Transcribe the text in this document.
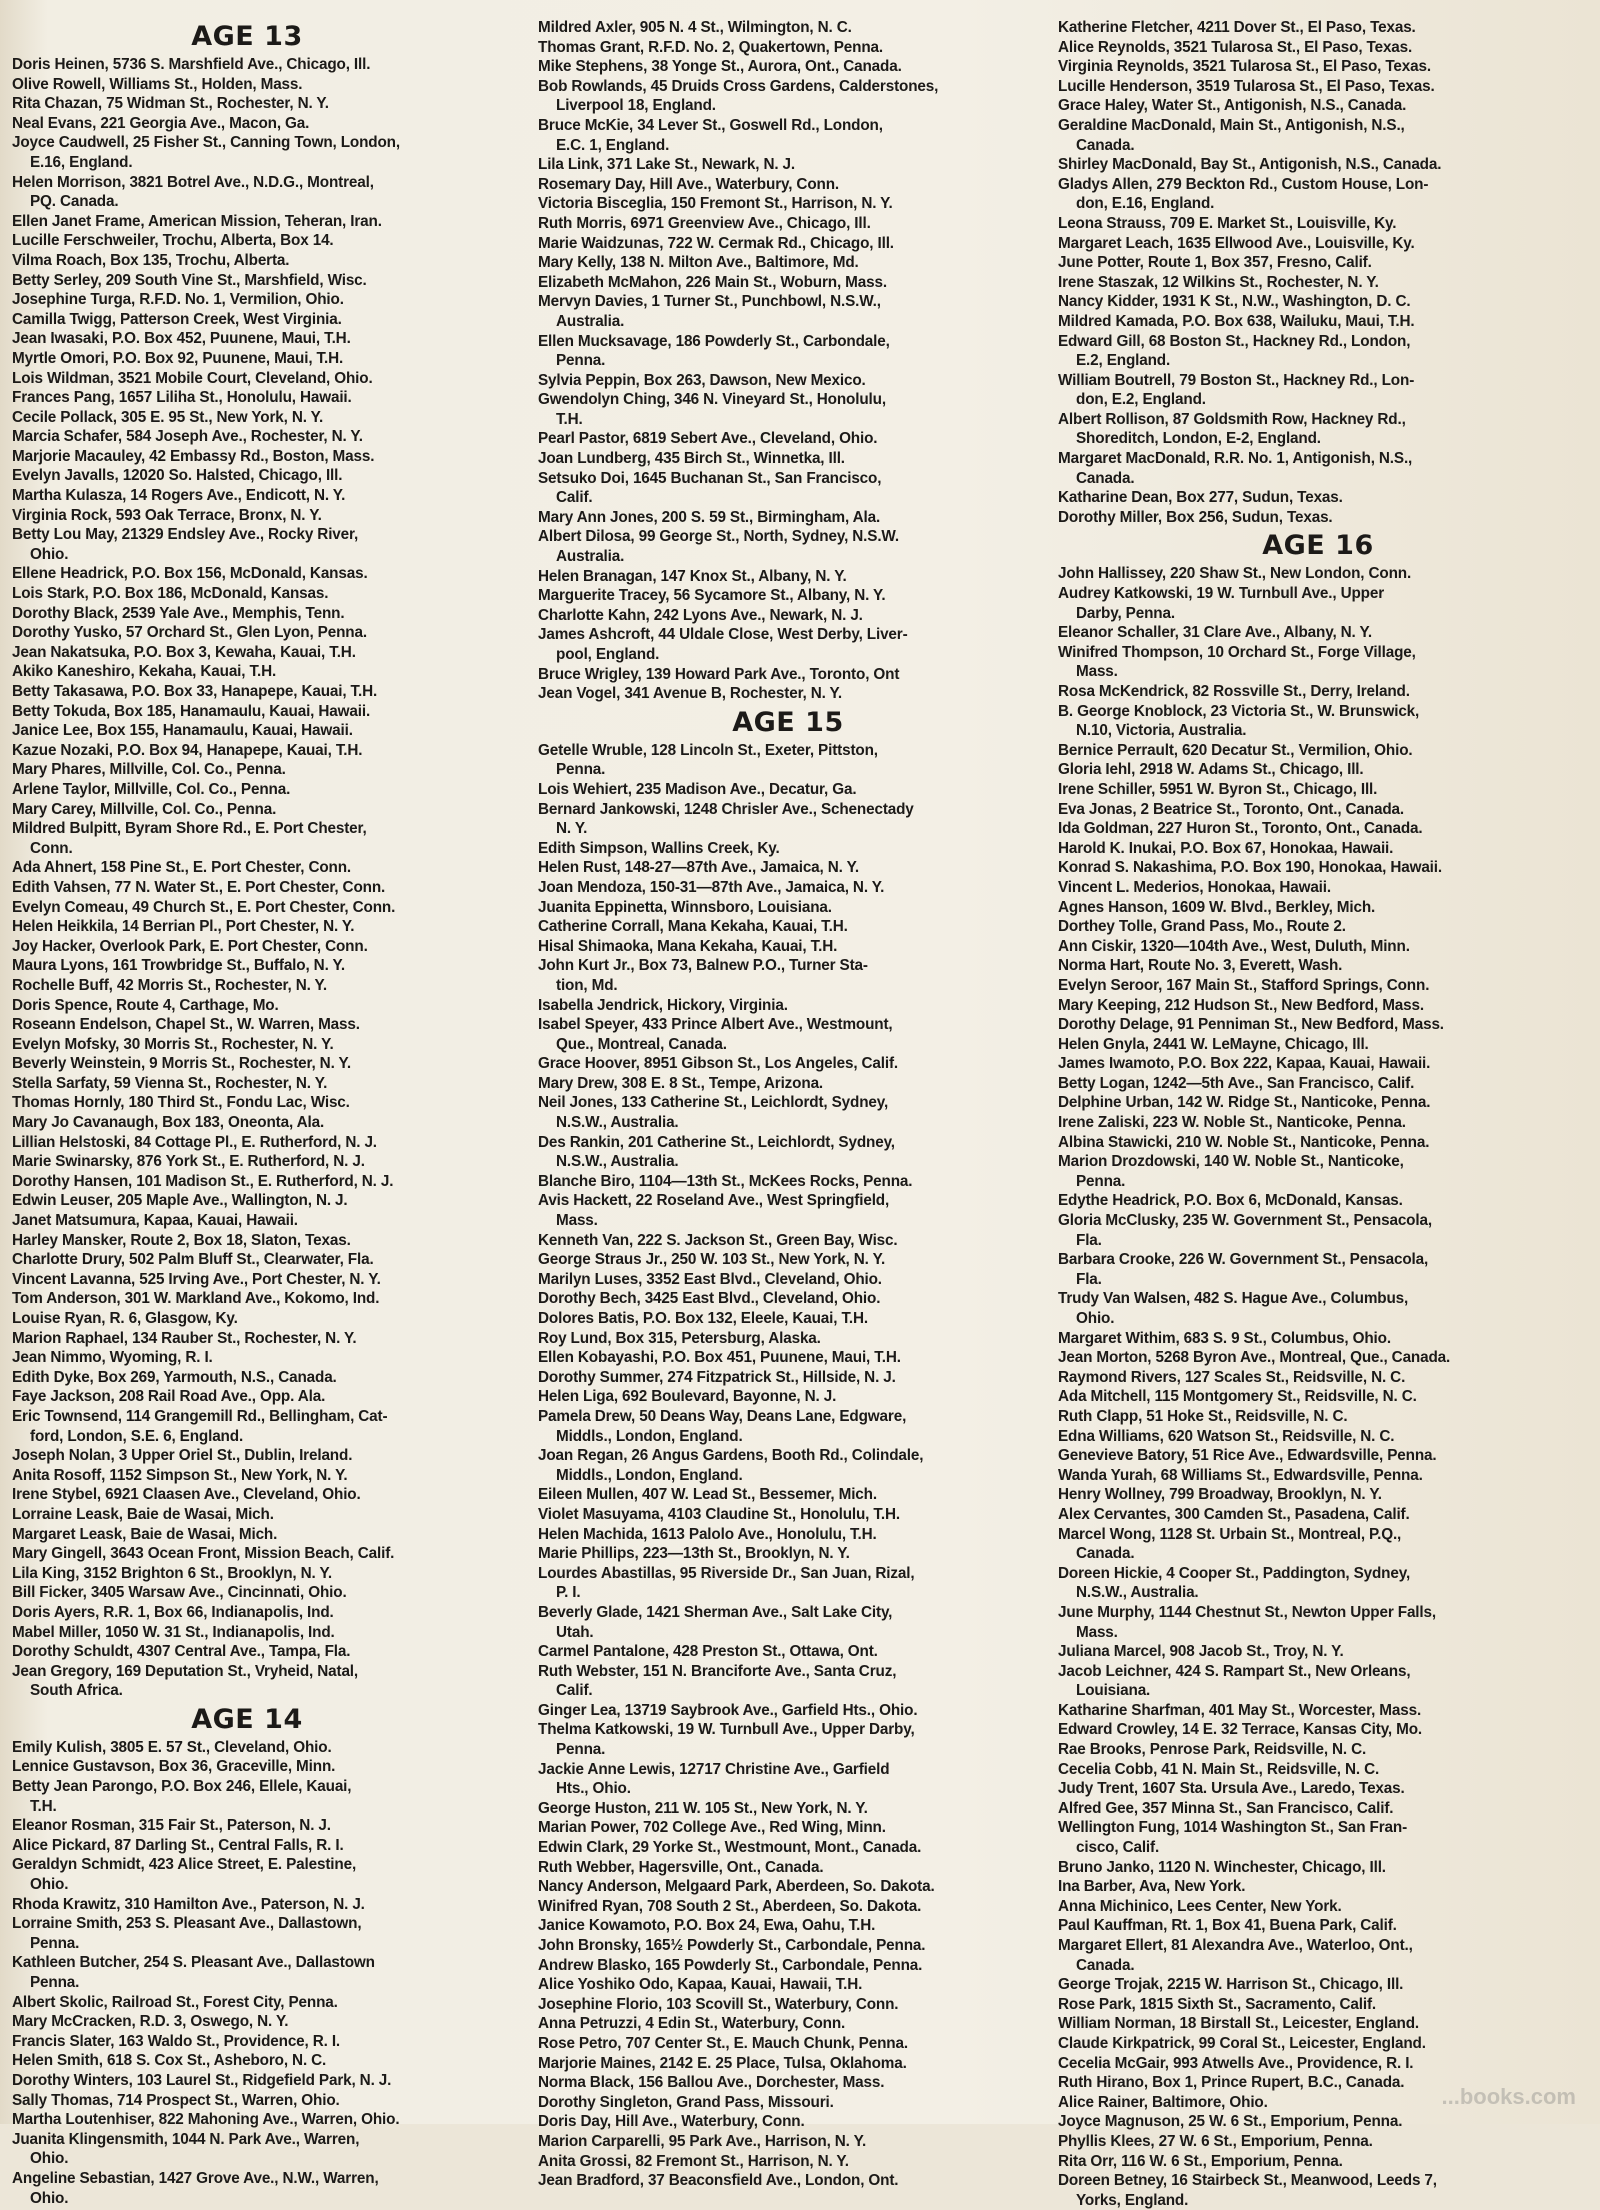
AGE 13
Doris Heinen, 5736 S. Marshfield Ave., Chicago, Ill.
Olive Rowell, Williams St., Holden, Mass.
Rita Chazan, 75 Widman St., Rochester, N. Y.
Neal Evans, 221 Georgia Ave., Macon, Ga.
Joyce Caudwell, 25 Fisher St., Canning Town, London,
E.16, England.
Helen Morrison, 3821 Botrel Ave., N.D.G., Montreal,
PQ. Canada.
Ellen Janet Frame, American Mission, Teheran, Iran.
Lucille Ferschweiler, Trochu, Alberta, Box 14.
Vilma Roach, Box 135, Trochu, Alberta.
Betty Serley, 209 South Vine St., Marshfield, Wisc.
Josephine Turga, R.F.D. No. 1, Vermilion, Ohio.
Camilla Twigg, Patterson Creek, West Virginia.
Jean Iwasaki, P.O. Box 452, Puunene, Maui, T.H.
Myrtle Omori, P.O. Box 92, Puunene, Maui, T.H.
Lois Wildman, 3521 Mobile Court, Cleveland, Ohio.
Frances Pang, 1657 Liliha St., Honolulu, Hawaii.
Cecile Pollack, 305 E. 95 St., New York, N. Y.
Marcia Schafer, 584 Joseph Ave., Rochester, N. Y.
Marjorie Macauley, 42 Embassy Rd., Boston, Mass.
Evelyn Javalls, 12020 So. Halsted, Chicago, Ill.
Martha Kulasza, 14 Rogers Ave., Endicott, N. Y.
Virginia Rock, 593 Oak Terrace, Bronx, N. Y.
Betty Lou May, 21329 Endsley Ave., Rocky River,
Ohio.
Ellene Headrick, P.O. Box 156, McDonald, Kansas.
Lois Stark, P.O. Box 186, McDonald, Kansas.
Dorothy Black, 2539 Yale Ave., Memphis, Tenn.
Dorothy Yusko, 57 Orchard St., Glen Lyon, Penna.
Jean Nakatsuka, P.O. Box 3, Kewaha, Kauai, T.H.
Akiko Kaneshiro, Kekaha, Kauai, T.H.
Betty Takasawa, P.O. Box 33, Hanapepe, Kauai, T.H.
Betty Tokuda, Box 185, Hanamaulu, Kauai, Hawaii.
Janice Lee, Box 155, Hanamaulu, Kauai, Hawaii.
Kazue Nozaki, P.O. Box 94, Hanapepe, Kauai, T.H.
Mary Phares, Millville, Col. Co., Penna.
Arlene Taylor, Millville, Col. Co., Penna.
Mary Carey, Millville, Col. Co., Penna.
Mildred Bulpitt, Byram Shore Rd., E. Port Chester,
Conn.
Ada Ahnert, 158 Pine St., E. Port Chester, Conn.
Edith Vahsen, 77 N. Water St., E. Port Chester, Conn.
Evelyn Comeau, 49 Church St., E. Port Chester, Conn.
Helen Heikkila, 14 Berrian Pl., Port Chester, N. Y.
Joy Hacker, Overlook Park, E. Port Chester, Conn.
Maura Lyons, 161 Trowbridge St., Buffalo, N. Y.
Rochelle Buff, 42 Morris St., Rochester, N. Y.
Doris Spence, Route 4, Carthage, Mo.
Roseann Endelson, Chapel St., W. Warren, Mass.
Evelyn Mofsky, 30 Morris St., Rochester, N. Y.
Beverly Weinstein, 9 Morris St., Rochester, N. Y.
Stella Sarfaty, 59 Vienna St., Rochester, N. Y.
Thomas Hornly, 180 Third St., Fondu Lac, Wisc.
Mary Jo Cavanaugh, Box 183, Oneonta, Ala.
Lillian Helstoski, 84 Cottage Pl., E. Rutherford, N. J.
Marie Swinarsky, 876 York St., E. Rutherford, N. J.
Dorothy Hansen, 101 Madison St., E. Rutherford, N. J.
Edwin Leuser, 205 Maple Ave., Wallington, N. J.
Janet Matsumura, Kapaa, Kauai, Hawaii.
Harley Mansker, Route 2, Box 18, Slaton, Texas.
Charlotte Drury, 502 Palm Bluff St., Clearwater, Fla.
Vincent Lavanna, 525 Irving Ave., Port Chester, N. Y.
Tom Anderson, 301 W. Markland Ave., Kokomo, Ind.
Louise Ryan, R. 6, Glasgow, Ky.
Marion Raphael, 134 Rauber St., Rochester, N. Y.
Jean Nimmo, Wyoming, R. I.
Edith Dyke, Box 269, Yarmouth, N.S., Canada.
Faye Jackson, 208 Rail Road Ave., Opp. Ala.
Eric Townsend, 114 Grangemill Rd., Bellingham, Cat-
ford, London, S.E. 6, England.
Joseph Nolan, 3 Upper Oriel St., Dublin, Ireland.
Anita Rosoff, 1152 Simpson St., New York, N. Y.
Irene Stybel, 6921 Claasen Ave., Cleveland, Ohio.
Lorraine Leask, Baie de Wasai, Mich.
Margaret Leask, Baie de Wasai, Mich.
Mary Gingell, 3643 Ocean Front, Mission Beach, Calif.
Lila King, 3152 Brighton 6 St., Brooklyn, N. Y.
Bill Ficker, 3405 Warsaw Ave., Cincinnati, Ohio.
Doris Ayers, R.R. 1, Box 66, Indianapolis, Ind.
Mabel Miller, 1050 W. 31 St., Indianapolis, Ind.
Dorothy Schuldt, 4307 Central Ave., Tampa, Fla.
Jean Gregory, 169 Deputation St., Vryheid, Natal,
South Africa.
AGE 14
Emily Kulish, 3805 E. 57 St., Cleveland, Ohio.
Lennice Gustavson, Box 36, Graceville, Minn.
Betty Jean Parongo, P.O. Box 246, Ellele, Kauai,
T.H.
Eleanor Rosman, 315 Fair St., Paterson, N. J.
Alice Pickard, 87 Darling St., Central Falls, R. I.
Geraldyn Schmidt, 423 Alice Street, E. Palestine,
Ohio.
Rhoda Krawitz, 310 Hamilton Ave., Paterson, N. J.
Lorraine Smith, 253 S. Pleasant Ave., Dallastown,
Penna.
Kathleen Butcher, 254 S. Pleasant Ave., Dallastown
Penna.
Albert Skolic, Railroad St., Forest City, Penna.
Mary McCracken, R.D. 3, Oswego, N. Y.
Francis Slater, 163 Waldo St., Providence, R. I.
Helen Smith, 618 S. Cox St., Asheboro, N. C.
Dorothy Winters, 103 Laurel St., Ridgefield Park, N. J.
Sally Thomas, 714 Prospect St., Warren, Ohio.
Martha Loutenhiser, 822 Mahoning Ave., Warren, Ohio.
Juanita Klingensmith, 1044 N. Park Ave., Warren,
Ohio.
Angeline Sebastian, 1427 Grove Ave., N.W., Warren,
Ohio.
Mildred Axler, 905 N. 4 St., Wilmington, N. C.
Thomas Grant, R.F.D. No. 2, Quakertown, Penna.
Mike Stephens, 38 Yonge St., Aurora, Ont., Canada.
Bob Rowlands, 45 Druids Cross Gardens, Calderstones,
Liverpool 18, England.
Bruce McKie, 34 Lever St., Goswell Rd., London,
E.C. 1, England.
Lila Link, 371 Lake St., Newark, N. J.
Rosemary Day, Hill Ave., Waterbury, Conn.
Victoria Bisceglia, 150 Fremont St., Harrison, N. Y.
Ruth Morris, 6971 Greenview Ave., Chicago, Ill.
Marie Waidzunas, 722 W. Cermak Rd., Chicago, Ill.
Mary Kelly, 138 N. Milton Ave., Baltimore, Md.
Elizabeth McMahon, 226 Main St., Woburn, Mass.
Mervyn Davies, 1 Turner St., Punchbowl, N.S.W.,
Australia.
Ellen Mucksavage, 186 Powderly St., Carbondale,
Penna.
Sylvia Peppin, Box 263, Dawson, New Mexico.
Gwendolyn Ching, 346 N. Vineyard St., Honolulu,
T.H.
Pearl Pastor, 6819 Sebert Ave., Cleveland, Ohio.
Joan Lundberg, 435 Birch St., Winnetka, Ill.
Setsuko Doi, 1645 Buchanan St., San Francisco,
Calif.
Mary Ann Jones, 200 S. 59 St., Birmingham, Ala.
Albert Dilosa, 99 George St., North, Sydney, N.S.W.
Australia.
Helen Branagan, 147 Knox St., Albany, N. Y.
Marguerite Tracey, 56 Sycamore St., Albany, N. Y.
Charlotte Kahn, 242 Lyons Ave., Newark, N. J.
James Ashcroft, 44 Uldale Close, West Derby, Liver-
pool, England.
Bruce Wrigley, 139 Howard Park Ave., Toronto, Ont
Jean Vogel, 341 Avenue B, Rochester, N. Y.
AGE 15
Getelle Wruble, 128 Lincoln St., Exeter, Pittston,
Penna.
Lois Wehiert, 235 Madison Ave., Decatur, Ga.
Bernard Jankowski, 1248 Chrisler Ave., Schenectady
N. Y.
Edith Simpson, Wallins Creek, Ky.
Helen Rust, 148-27—87th Ave., Jamaica, N. Y.
Joan Mendoza, 150-31—87th Ave., Jamaica, N. Y.
Juanita Eppinetta, Winnsboro, Louisiana.
Catherine Corrall, Mana Kekaha, Kauai, T.H.
Hisal Shimaoka, Mana Kekaha, Kauai, T.H.
John Kurt Jr., Box 73, Balnew P.O., Turner Sta-
tion, Md.
Isabella Jendrick, Hickory, Virginia.
Isabel Speyer, 433 Prince Albert Ave., Westmount,
Que., Montreal, Canada.
Grace Hoover, 8951 Gibson St., Los Angeles, Calif.
Mary Drew, 308 E. 8 St., Tempe, Arizona.
Neil Jones, 133 Catherine St., Leichlordt, Sydney,
N.S.W., Australia.
Des Rankin, 201 Catherine St., Leichlordt, Sydney,
N.S.W., Australia.
Blanche Biro, 1104—13th St., McKees Rocks, Penna.
Avis Hackett, 22 Roseland Ave., West Springfield,
Mass.
Kenneth Van, 222 S. Jackson St., Green Bay, Wisc.
George Straus Jr., 250 W. 103 St., New York, N. Y.
Marilyn Luses, 3352 East Blvd., Cleveland, Ohio.
Dorothy Bech, 3425 East Blvd., Cleveland, Ohio.
Dolores Batis, P.O. Box 132, Eleele, Kauai, T.H.
Roy Lund, Box 315, Petersburg, Alaska.
Ellen Kobayashi, P.O. Box 451, Puunene, Maui, T.H.
Dorothy Summer, 274 Fitzpatrick St., Hillside, N. J.
Helen Liga, 692 Boulevard, Bayonne, N. J.
Pamela Drew, 50 Deans Way, Deans Lane, Edgware,
Middls., London, England.
Joan Regan, 26 Angus Gardens, Booth Rd., Colindale,
Middls., London, England.
Eileen Mullen, 407 W. Lead St., Bessemer, Mich.
Violet Masuyama, 4103 Claudine St., Honolulu, T.H.
Helen Machida, 1613 Palolo Ave., Honolulu, T.H.
Marie Phillips, 223—13th St., Brooklyn, N. Y.
Lourdes Abastillas, 95 Riverside Dr., San Juan, Rizal,
P. I.
Beverly Glade, 1421 Sherman Ave., Salt Lake City,
Utah.
Carmel Pantalone, 428 Preston St., Ottawa, Ont.
Ruth Webster, 151 N. Branciforte Ave., Santa Cruz,
Calif.
Ginger Lea, 13719 Saybrook Ave., Garfield Hts., Ohio.
Thelma Katkowski, 19 W. Turnbull Ave., Upper Darby,
Penna.
Jackie Anne Lewis, 12717 Christine Ave., Garfield
Hts., Ohio.
George Huston, 211 W. 105 St., New York, N. Y.
Marian Power, 702 College Ave., Red Wing, Minn.
Edwin Clark, 29 Yorke St., Westmount, Mont., Canada.
Ruth Webber, Hagersville, Ont., Canada.
Nancy Anderson, Melgaard Park, Aberdeen, So. Dakota.
Winifred Ryan, 708 South 2 St., Aberdeen, So. Dakota.
Janice Kowamoto, P.O. Box 24, Ewa, Oahu, T.H.
John Bronsky, 165½ Powderly St., Carbondale, Penna.
Andrew Blasko, 165 Powderly St., Carbondale, Penna.
Alice Yoshiko Odo, Kapaa, Kauai, Hawaii, T.H.
Josephine Florio, 103 Scovill St., Waterbury, Conn.
Anna Petruzzi, 4 Edin St., Waterbury, Conn.
Rose Petro, 707 Center St., E. Mauch Chunk, Penna.
Marjorie Maines, 2142 E. 25 Place, Tulsa, Oklahoma.
Norma Black, 156 Ballou Ave., Dorchester, Mass.
Dorothy Singleton, Grand Pass, Missouri.
Doris Day, Hill Ave., Waterbury, Conn.
Marion Carparelli, 95 Park Ave., Harrison, N. Y.
Anita Grossi, 82 Fremont St., Harrison, N. Y.
Jean Bradford, 37 Beaconsfield Ave., London, Ont.
Katherine Fletcher, 4211 Dover St., El Paso, Texas.
Alice Reynolds, 3521 Tularosa St., El Paso, Texas.
Virginia Reynolds, 3521 Tularosa St., El Paso, Texas.
Lucille Henderson, 3519 Tularosa St., El Paso, Texas.
Grace Haley, Water St., Antigonish, N.S., Canada.
Geraldine MacDonald, Main St., Antigonish, N.S.,
Canada.
Shirley MacDonald, Bay St., Antigonish, N.S., Canada.
Gladys Allen, 279 Beckton Rd., Custom House, Lon-
don, E.16, England.
Leona Strauss, 709 E. Market St., Louisville, Ky.
Margaret Leach, 1635 Ellwood Ave., Louisville, Ky.
June Potter, Route 1, Box 357, Fresno, Calif.
Irene Staszak, 12 Wilkins St., Rochester, N. Y.
Nancy Kidder, 1931 K St., N.W., Washington, D. C.
Mildred Kamada, P.O. Box 638, Wailuku, Maui, T.H.
Edward Gill, 68 Boston St., Hackney Rd., London,
E.2, England.
William Boutrell, 79 Boston St., Hackney Rd., Lon-
don, E.2, England.
Albert Rollison, 87 Goldsmith Row, Hackney Rd.,
Shoreditch, London, E-2, England.
Margaret MacDonald, R.R. No. 1, Antigonish, N.S.,
Canada.
Katharine Dean, Box 277, Sudun, Texas.
Dorothy Miller, Box 256, Sudun, Texas.
AGE 16
John Hallissey, 220 Shaw St., New London, Conn.
Audrey Katkowski, 19 W. Turnbull Ave., Upper
Darby, Penna.
Eleanor Schaller, 31 Clare Ave., Albany, N. Y.
Winifred Thompson, 10 Orchard St., Forge Village,
Mass.
Rosa McKendrick, 82 Rossville St., Derry, Ireland.
B. George Knoblock, 23 Victoria St., W. Brunswick,
N.10, Victoria, Australia.
Bernice Perrault, 620 Decatur St., Vermilion, Ohio.
Gloria Iehl, 2918 W. Adams St., Chicago, Ill.
Irene Schiller, 5951 W. Byron St., Chicago, Ill.
Eva Jonas, 2 Beatrice St., Toronto, Ont., Canada.
Ida Goldman, 227 Huron St., Toronto, Ont., Canada.
Harold K. Inukai, P.O. Box 67, Honokaa, Hawaii.
Konrad S. Nakashima, P.O. Box 190, Honokaa, Hawaii.
Vincent L. Mederios, Honokaa, Hawaii.
Agnes Hanson, 1609 W. Blvd., Berkley, Mich.
Dorthey Tolle, Grand Pass, Mo., Route 2.
Ann Ciskir, 1320—104th Ave., West, Duluth, Minn.
Norma Hart, Route No. 3, Everett, Wash.
Evelyn Seroor, 167 Main St., Stafford Springs, Conn.
Mary Keeping, 212 Hudson St., New Bedford, Mass.
Dorothy Delage, 91 Penniman St., New Bedford, Mass.
Helen Gnyla, 2441 W. LeMayne, Chicago, Ill.
James Iwamoto, P.O. Box 222, Kapaa, Kauai, Hawaii.
Betty Logan, 1242—5th Ave., San Francisco, Calif.
Delphine Urban, 142 W. Ridge St., Nanticoke, Penna.
Irene Zaliski, 223 W. Noble St., Nanticoke, Penna.
Albina Stawicki, 210 W. Noble St., Nanticoke, Penna.
Marion Drozdowski, 140 W. Noble St., Nanticoke,
Penna.
Edythe Headrick, P.O. Box 6, McDonald, Kansas.
Gloria McClusky, 235 W. Government St., Pensacola,
Fla.
Barbara Crooke, 226 W. Government St., Pensacola,
Fla.
Trudy Van Walsen, 482 S. Hague Ave., Columbus,
Ohio.
Margaret Withim, 683 S. 9 St., Columbus, Ohio.
Jean Morton, 5268 Byron Ave., Montreal, Que., Canada.
Raymond Rivers, 127 Scales St., Reidsville, N. C.
Ada Mitchell, 115 Montgomery St., Reidsville, N. C.
Ruth Clapp, 51 Hoke St., Reidsville, N. C.
Edna Williams, 620 Watson St., Reidsville, N. C.
Genevieve Batory, 51 Rice Ave., Edwardsville, Penna.
Wanda Yurah, 68 Williams St., Edwardsville, Penna.
Henry Wollney, 799 Broadway, Brooklyn, N. Y.
Alex Cervantes, 300 Camden St., Pasadena, Calif.
Marcel Wong, 1128 St. Urbain St., Montreal, P.Q.,
Canada.
Doreen Hickie, 4 Cooper St., Paddington, Sydney,
N.S.W., Australia.
June Murphy, 1144 Chestnut St., Newton Upper Falls,
Mass.
Juliana Marcel, 908 Jacob St., Troy, N. Y.
Jacob Leichner, 424 S. Rampart St., New Orleans,
Louisiana.
Katharine Sharfman, 401 May St., Worcester, Mass.
Edward Crowley, 14 E. 32 Terrace, Kansas City, Mo.
Rae Brooks, Penrose Park, Reidsville, N. C.
Cecelia Cobb, 41 N. Main St., Reidsville, N. C.
Judy Trent, 1607 Sta. Ursula Ave., Laredo, Texas.
Alfred Gee, 357 Minna St., San Francisco, Calif.
Wellington Fung, 1014 Washington St., San Fran-
cisco, Calif.
Bruno Janko, 1120 N. Winchester, Chicago, Ill.
Ina Barber, Ava, New York.
Anna Michinico, Lees Center, New York.
Paul Kauffman, Rt. 1, Box 41, Buena Park, Calif.
Margaret Ellert, 81 Alexandra Ave., Waterloo, Ont.,
Canada.
George Trojak, 2215 W. Harrison St., Chicago, Ill.
Rose Park, 1815 Sixth St., Sacramento, Calif.
William Norman, 18 Birstall St., Leicester, England.
Claude Kirkpatrick, 99 Coral St., Leicester, England.
Cecelia McGair, 993 Atwells Ave., Providence, R. I.
Ruth Hirano, Box 1, Prince Rupert, B.C., Canada.
Alice Rainer, Baltimore, Ohio.
Joyce Magnuson, 25 W. 6 St., Emporium, Penna.
Phyllis Klees, 27 W. 6 St., Emporium, Penna.
Rita Orr, 116 W. 6 St., Emporium, Penna.
Doreen Betney, 16 Stairbeck St., Meanwood, Leeds 7,
Yorks, England.
...books.com
